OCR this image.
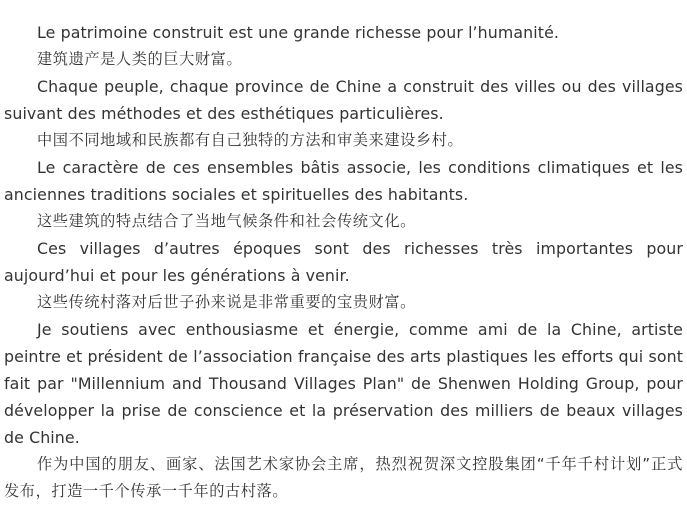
Le patrimoine construit est une grande richesse pour l’humanité.

建筑遗产是人类的巨大财富。

Chaque peuple, chaque province de Chine a construit des villes ou des villages suivant des méthodes et des esthétiques particulières.

中国不同地域和民族都有自己独特的方法和审美来建设乡村。

Le caractère de ces ensembles bâtis associe, les conditions climatiques et les anciennes traditions sociales et spirituelles des habitants.

这些建筑的特点结合了当地气候条件和社会传统文化。

Ces villages d’autres époques sont des richesses très importantes pour aujourd’hui et pour les générations à venir.

这些传统村落对后世子孙来说是非常重要的宝贵财富。

Je soutiens avec enthousiasme et énergie, comme ami de la Chine, artiste peintre et président de l’association française des arts plastiques les efforts qui sont fait par "Millennium and Thousand Villages Plan" de Shenwen Holding Group, pour développer la prise de conscience et la préservation des milliers de beaux villages de Chine.

作为中国的朋友、画家、法国艺术家协会主席，热烈祝贺深文控股集团“千年千村计划”正式发布，打造一千个传承一千年的古村落。
